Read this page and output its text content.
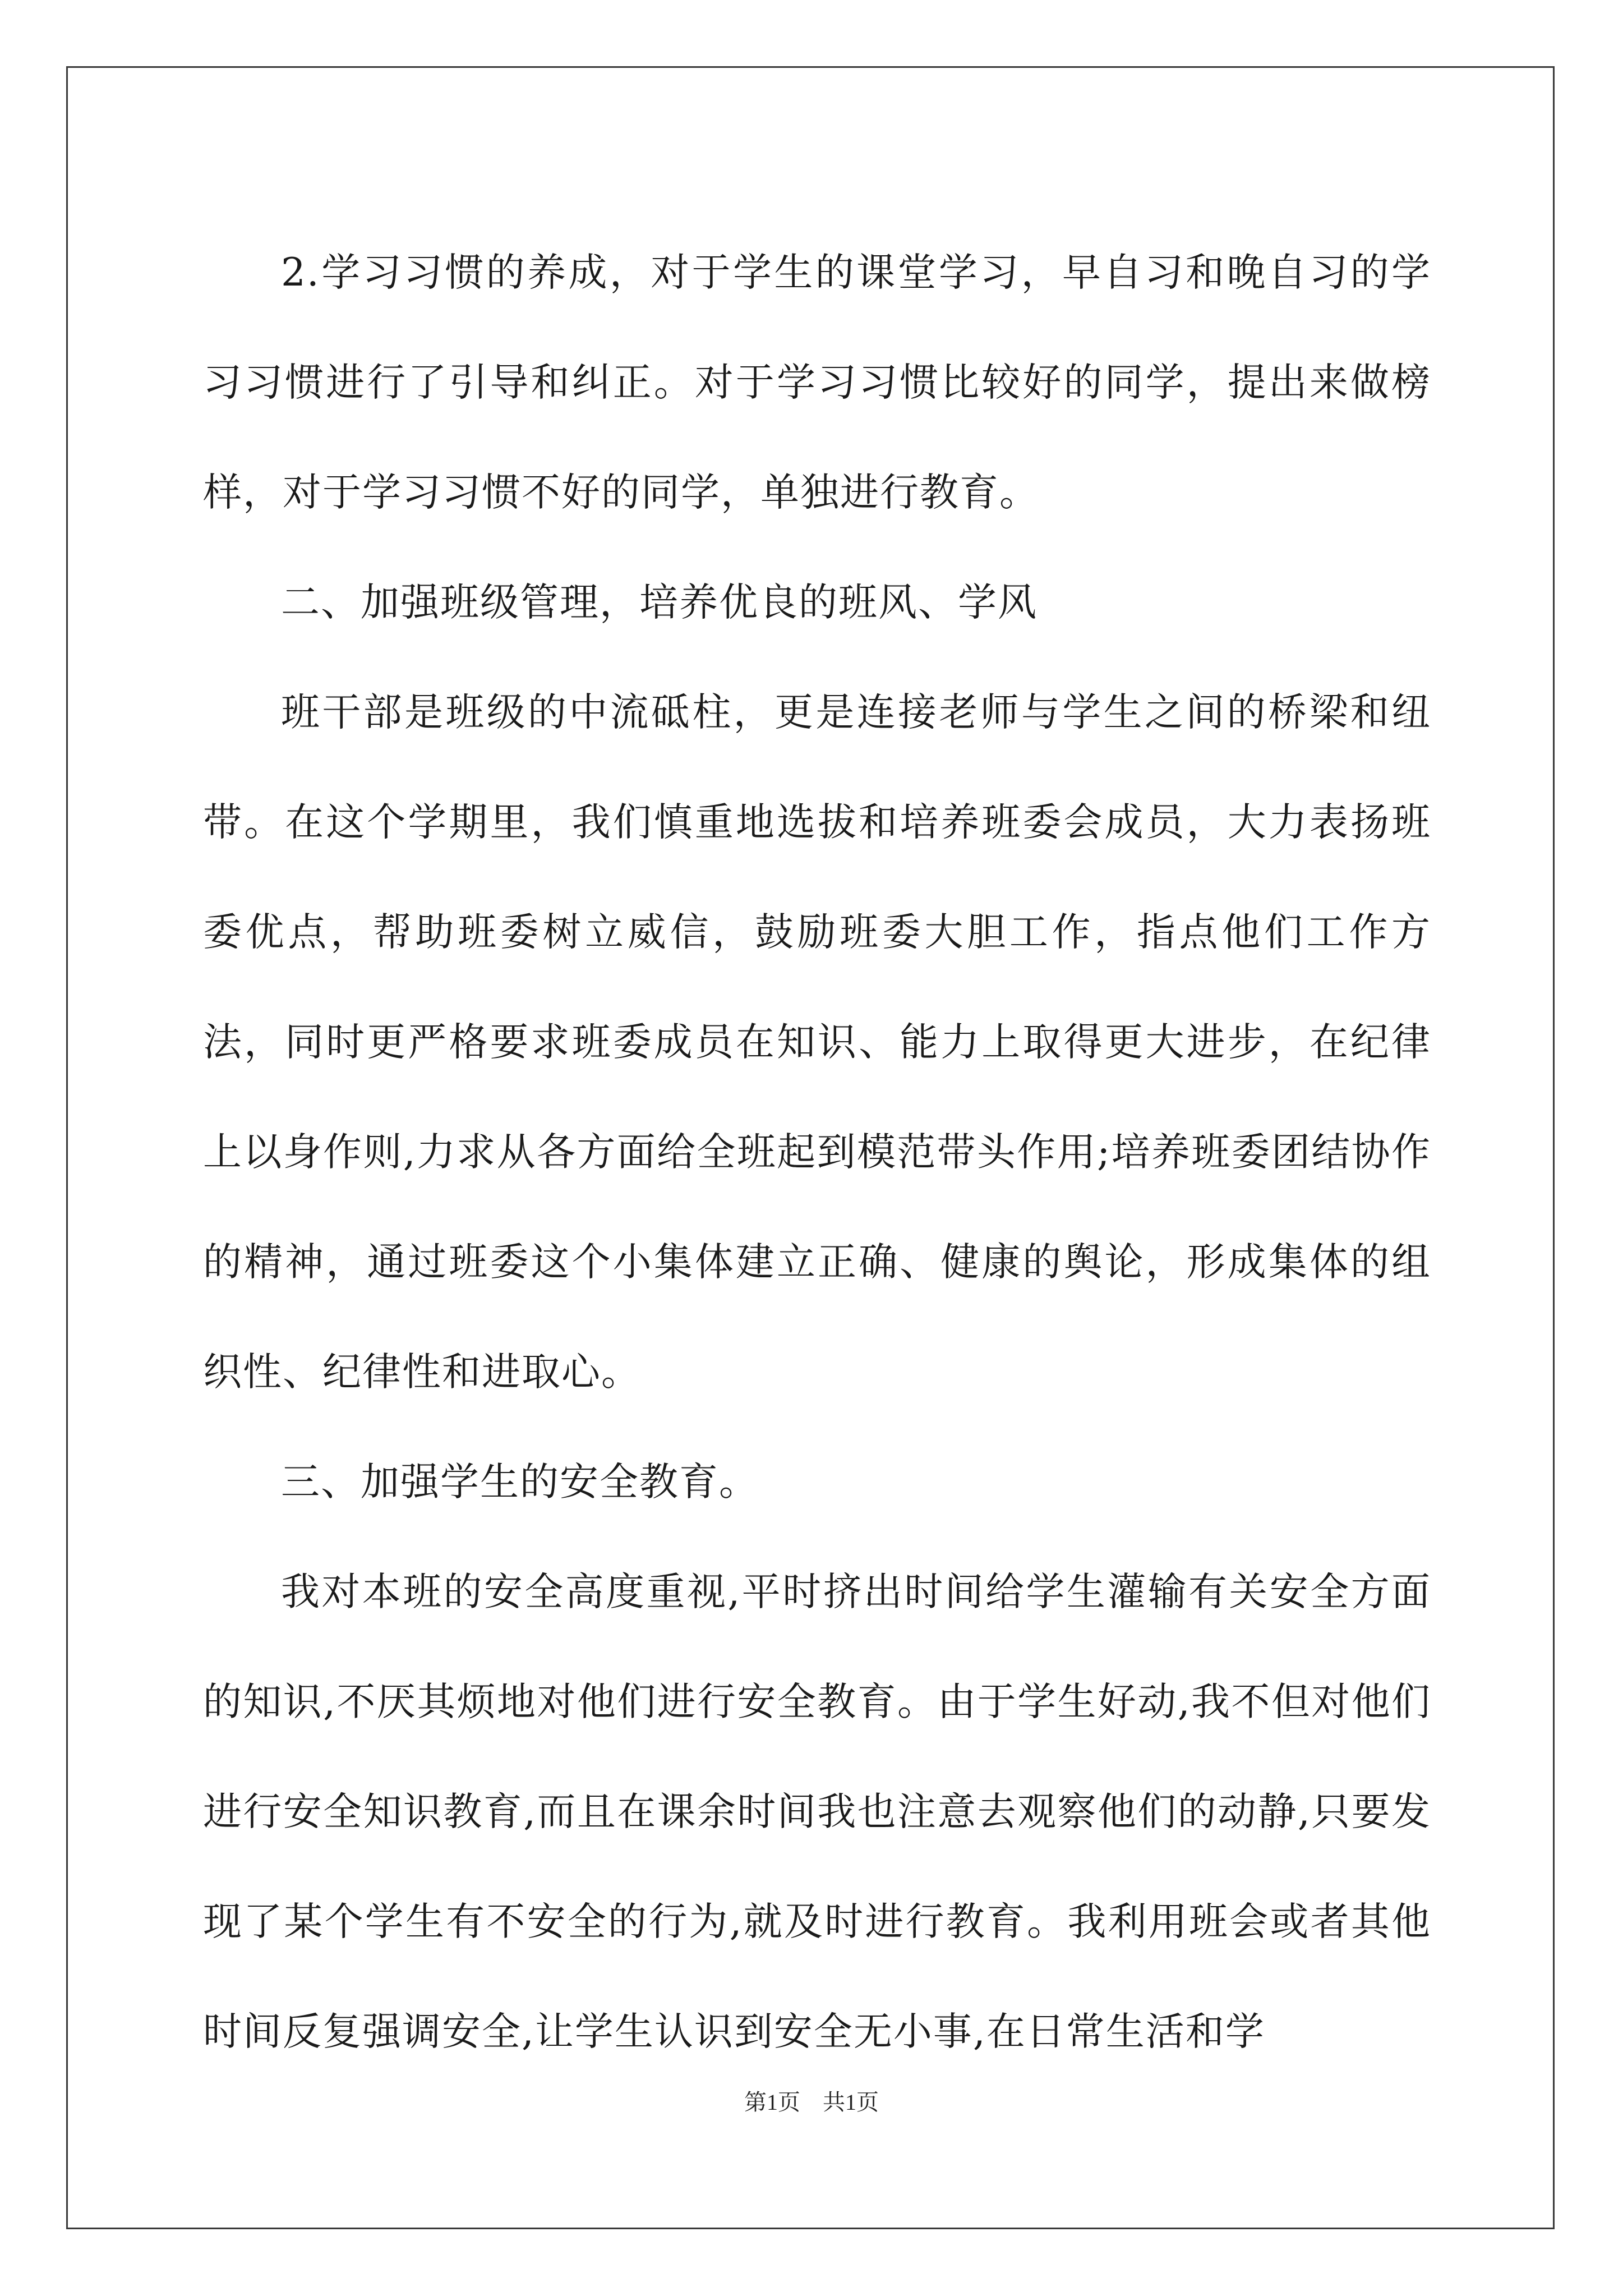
2.学习习惯的养成，对于学生的课堂学习，早自习和晚自习的学习习惯进行了引导和纠正。对于学习习惯比较好的同学，提出来做榜样，对于学习习惯不好的同学，单独进行教育。

二、加强班级管理，培养优良的班风、学风

班干部是班级的中流砥柱，更是连接老师与学生之间的桥梁和纽带。在这个学期里，我们慎重地选拔和培养班委会成员，大力表扬班委优点，帮助班委树立威信，鼓励班委大胆工作，指点他们工作方法，同时更严格要求班委成员在知识、能力上取得更大进步，在纪律上以身作则,力求从各方面给全班起到模范带头作用;培养班委团结协作的精神，通过班委这个小集体建立正确、健康的舆论，形成集体的组织性、纪律性和进取心。

三、加强学生的安全教育。

我对本班的安全高度重视,平时挤出时间给学生灌输有关安全方面的知识,不厌其烦地对他们进行安全教育。由于学生好动,我不但对他们进行安全知识教育,而且在课余时间我也注意去观察他们的动静,只要发现了某个学生有不安全的行为,就及时进行教育。我利用班会或者其他时间反复强调安全,让学生认识到安全无小事,在日常生活和学

第1页 共1页
